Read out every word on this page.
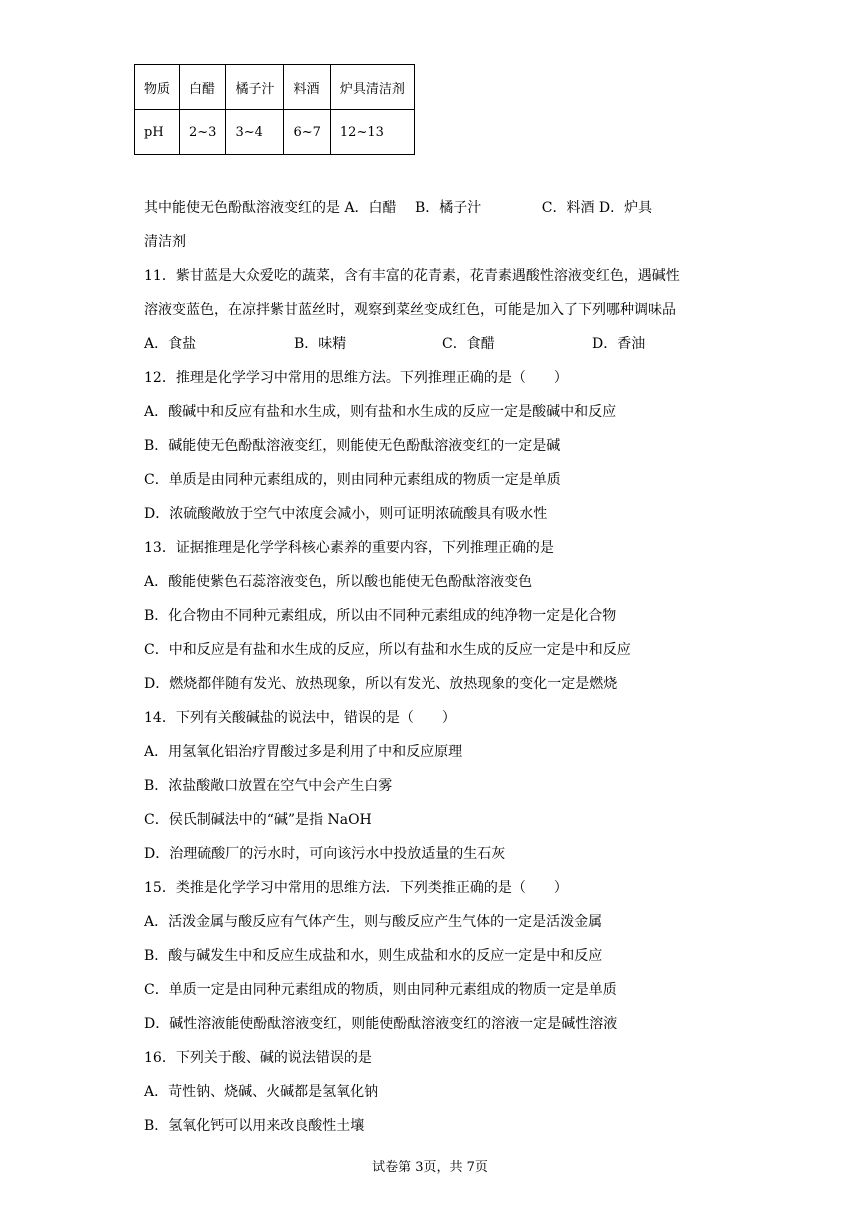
物质	白醋	橘子汁	料酒	炉具清洁剂
pH	2~3	3~4	6~7	12~13
其中能使无色酚酞溶液变红的是 A．白醋　 B．橘子汁　　　　 C．料酒 D．炉具
清洁剂
11．紫甘蓝是大众爱吃的蔬菜，含有丰富的花青素，花青素遇酸性溶液变红色，遇碱性
溶液变蓝色，在凉拌紫甘蓝丝时，观察到菜丝变成红色，可能是加入了下列哪种调味品
A．食盐	B．味精	C．食醋	D．香油
12．推理是化学学习中常用的思维方法。下列推理正确的是（　　）
A．酸碱中和反应有盐和水生成，则有盐和水生成的反应一定是酸碱中和反应
B．碱能使无色酚酞溶液变红，则能使无色酚酞溶液变红的一定是碱
C．单质是由同种元素组成的，则由同种元素组成的物质一定是单质
D．浓硫酸敞放于空气中浓度会减小，则可证明浓硫酸具有吸水性
13．证据推理是化学学科核心素养的重要内容，下列推理正确的是
A．酸能使紫色石蕊溶液变色，所以酸也能使无色酚酞溶液变色
B．化合物由不同种元素组成，所以由不同种元素组成的纯净物一定是化合物
C．中和反应是有盐和水生成的反应，所以有盐和水生成的反应一定是中和反应
D．燃烧都伴随有发光、放热现象，所以有发光、放热现象的变化一定是燃烧
14．下列有关酸碱盐的说法中，错误的是（　　）
A．用氢氧化铝治疗胃酸过多是利用了中和反应原理
B．浓盐酸敞口放置在空气中会产生白雾
C．侯氏制碱法中的“碱”是指 NaOH
D．治理硫酸厂的污水时，可向该污水中投放适量的生石灰
15．类推是化学学习中常用的思维方法．下列类推正确的是（　　）
A．活泼金属与酸反应有气体产生，则与酸反应产生气体的一定是活泼金属
B．酸与碱发生中和反应生成盐和水，则生成盐和水的反应一定是中和反应
C．单质一定是由同种元素组成的物质，则由同种元素组成的物质一定是单质
D．碱性溶液能使酚酞溶液变红，则能使酚酞溶液变红的溶液一定是碱性溶液
16．下列关于酸、碱的说法错误的是
A．苛性钠、烧碱、火碱都是氢氧化钠
B．氢氧化钙可以用来改良酸性土壤
试卷第 3页，共 7页
